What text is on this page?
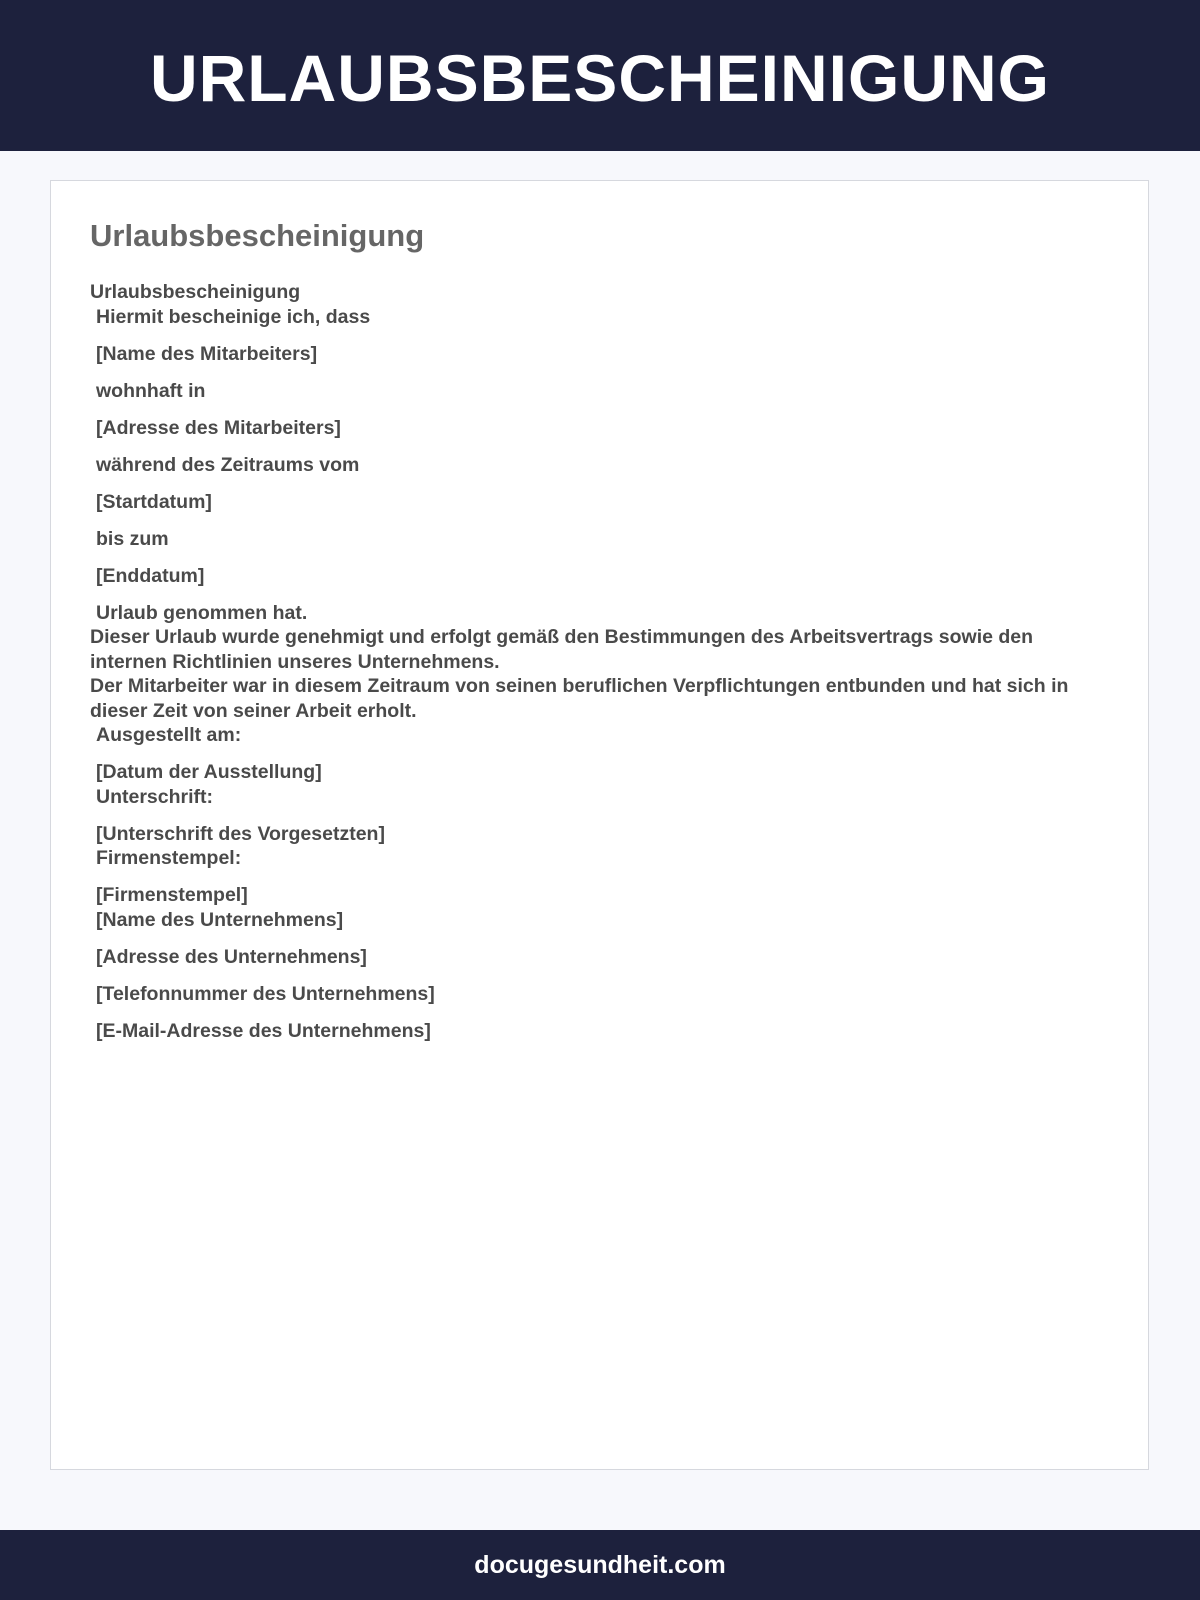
URLAUBSBESCHEINIGUNG
Urlaubsbescheinigung
Urlaubsbescheinigung
Hiermit bescheinige ich, dass
[Name des Mitarbeiters]
wohnhaft in
[Adresse des Mitarbeiters]
während des Zeitraums vom
[Startdatum]
bis zum
[Enddatum]
Urlaub genommen hat.
Dieser Urlaub wurde genehmigt und erfolgt gemäß den Bestimmungen des Arbeitsvertrags sowie den internen Richtlinien unseres Unternehmens.
Der Mitarbeiter war in diesem Zeitraum von seinen beruflichen Verpflichtungen entbunden und hat sich in dieser Zeit von seiner Arbeit erholt.
Ausgestellt am:
[Datum der Ausstellung]
Unterschrift:
[Unterschrift des Vorgesetzten]
Firmenstempel:
[Firmenstempel]
[Name des Unternehmens]
[Adresse des Unternehmens]
[Telefonnummer des Unternehmens]
[E-Mail-Adresse des Unternehmens]
docugesundheit.com
